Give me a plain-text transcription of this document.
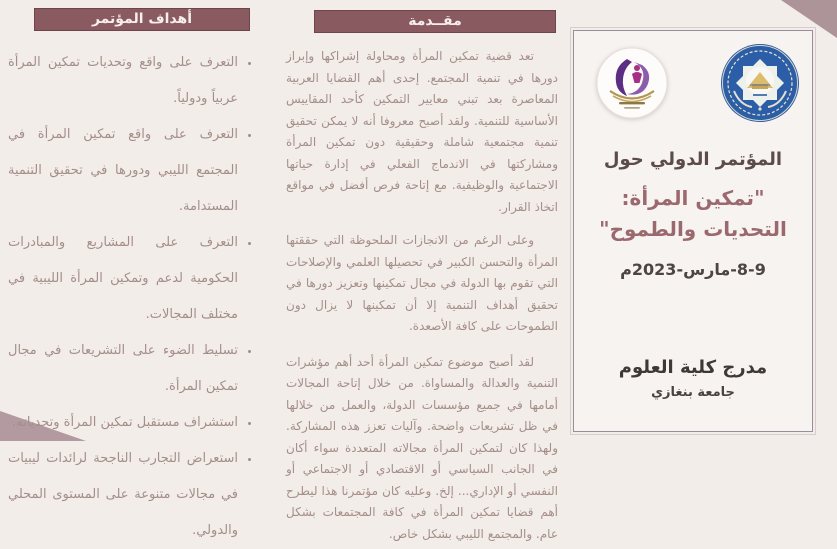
أهداف المؤتمر
• التعرف على واقع وتحديات تمكين المرأة عربياً ودولياً.
• التعرف على واقع تمكين المرأة في المجتمع الليبي ودورها في تحقيق التنمية المستدامة.
• التعرف على المشاريع والمبادرات الحكومية لدعم وتمكين المرأة الليبية في مختلف المجالات.
• تسليط الضوء على التشريعات في مجال تمكين المرأة.
• استشراف مستقبل تمكين المرأة وتحدياته.
• استعراض التجارب الناجحة لرائدات ليبيات في مجالات متنوعة على المستوى المحلي والدولي.
مقــدمة

تعد قضية تمكين المرأة ومحاولة إشراكها وإبراز دورها في تنمية المجتمع. إحدى أهم القضايا العربية المعاصرة بعد تبني معايير التمكين كأحد المقاييس الأساسية للتنمية. ولقد أصبح معروفا أنه لا يمكن تحقيق تنمية مجتمعية شاملة وحقيقية دون تمكين المرأة ومشاركتها في الاندماج الفعلي في إدارة حياتها الاجتماعية والوظيفية. مع إتاحة فرص أفضل في مواقع اتخاذ القرار.

وعلى الرغم من الانجازات الملحوظة التي حققتها المرأة والتحسن الكبير في تحصيلها العلمي والإصلاحات التي تقوم بها الدولة في مجال تمكينها وتعزيز دورها في تحقيق أهداف التنمية إلا أن تمكينها لا يزال دون الطموحات على كافة الأصعدة.

لقد أصبح موضوع تمكين المرأة أحد أهم مؤشرات التنمية والعدالة والمساواة. من خلال إتاحة المجالات أمامها في جميع مؤسسات الدولة، والعمل من خلالها في ظل تشريعات واضحة. وآليات تعزز هذه المشاركة. ولهذا كان لتمكين المرأة مجالاته المتعددة سواء أكان في الجانب السياسي أو الاقتصادي أو الاجتماعي أو النفسي أو الإداري... إلخ. وعليه كان مؤتمرنا هذا ليطرح أهم قضايا تمكين المرأة في كافة المجتمعات بشكل عام. والمجتمع الليبي بشكل خاص.

المؤتمر الدولي حول
"تمكين المرأة:
التحديات والطموح"
8-9-مارس-2023م
مدرج كلية العلوم
جامعة بنغازي
